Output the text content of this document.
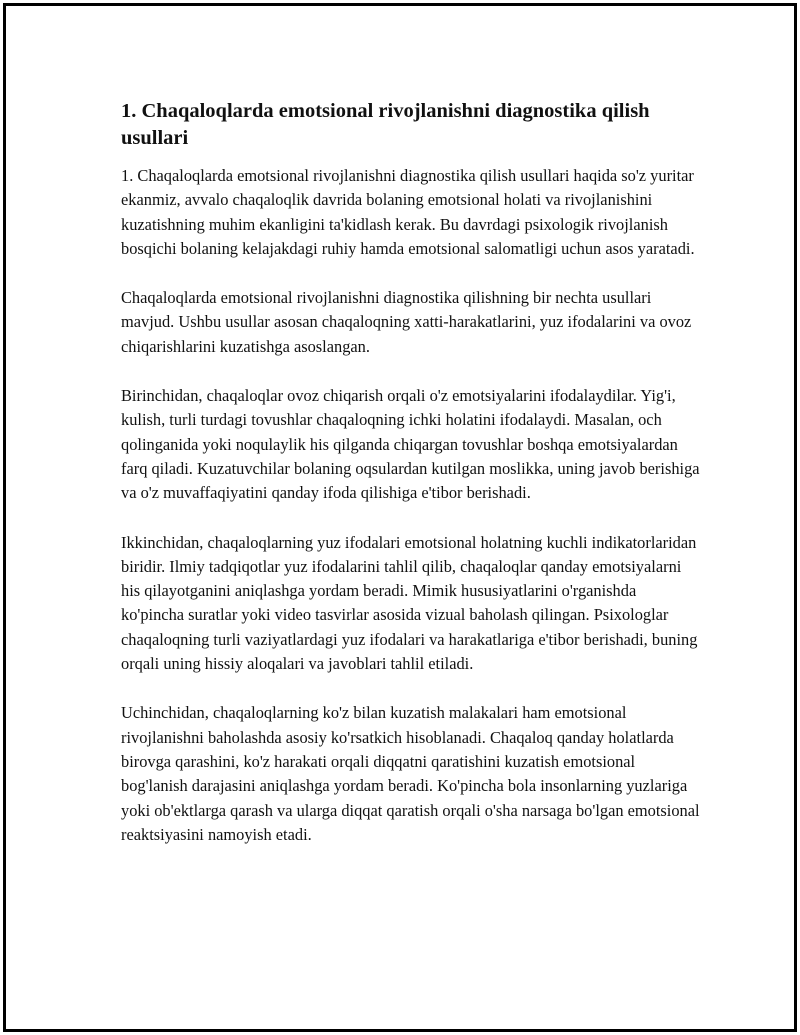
1. Chaqaloqlarda emotsional rivojlanishni diagnostika qilish usullari

1. Chaqaloqlarda emotsional rivojlanishni diagnostika qilish usullari haqida so'z yuritar ekanmiz, avvalo chaqaloqlik davrida bolaning emotsional holati va rivojlanishini kuzatishning muhim ekanligini ta'kidlash kerak. Bu davrdagi psixologik rivojlanish bosqichi bolaning kelajakdagi ruhiy hamda emotsional salomatligi uchun asos yaratadi.

Chaqaloqlarda emotsional rivojlanishni diagnostika qilishning bir nechta usullari mavjud. Ushbu usullar asosan chaqaloqning xatti-harakatlarini, yuz ifodalarini va ovoz chiqarishlarini kuzatishga asoslangan.

Birinchidan, chaqaloqlar ovoz chiqarish orqali o'z emotsiyalarini ifodalaydilar. Yig'i, kulish, turli turdagi tovushlar chaqaloqning ichki holatini ifodalaydi. Masalan, och qolinganida yoki noqulaylik his qilganda chiqargan tovushlar boshqa emotsiyalardan farq qiladi. Kuzatuvchilar bolaning oqsulardan kutilgan moslikka, uning javob berishiga va o'z muvaffaqiyatini qanday ifoda qilishiga e'tibor berishadi.

Ikkinchidan, chaqaloqlarning yuz ifodalari emotsional holatning kuchli indikatorlaridan biridir. Ilmiy tadqiqotlar yuz ifodalarini tahlil qilib, chaqaloqlar qanday emotsiyalarni his qilayotganini aniqlashga yordam beradi. Mimik hususiyatlarini o'rganishda ko'pincha suratlar yoki video tasvirlar asosida vizual baholash qilingan. Psixologlar chaqaloqning turli vaziyatlardagi yuz ifodalari va harakatlariga e'tibor berishadi, buning orqali uning hissiy aloqalari va javoblari tahlil etiladi.

Uchinchidan, chaqaloqlarning ko'z bilan kuzatish malakalari ham emotsional rivojlanishni baholashda asosiy ko'rsatkich hisoblanadi. Chaqaloq qanday holatlarda birovga qarashini, ko'z harakati orqali diqqatni qaratishini kuzatish emotsional bog'lanish darajasini aniqlashga yordam beradi. Ko'pincha bola insonlarning yuzlariga yoki ob'ektlarga qarash va ularga diqqat qaratish orqali o'sha narsaga bo'lgan emotsional reaktsiyasini namoyish etadi.
